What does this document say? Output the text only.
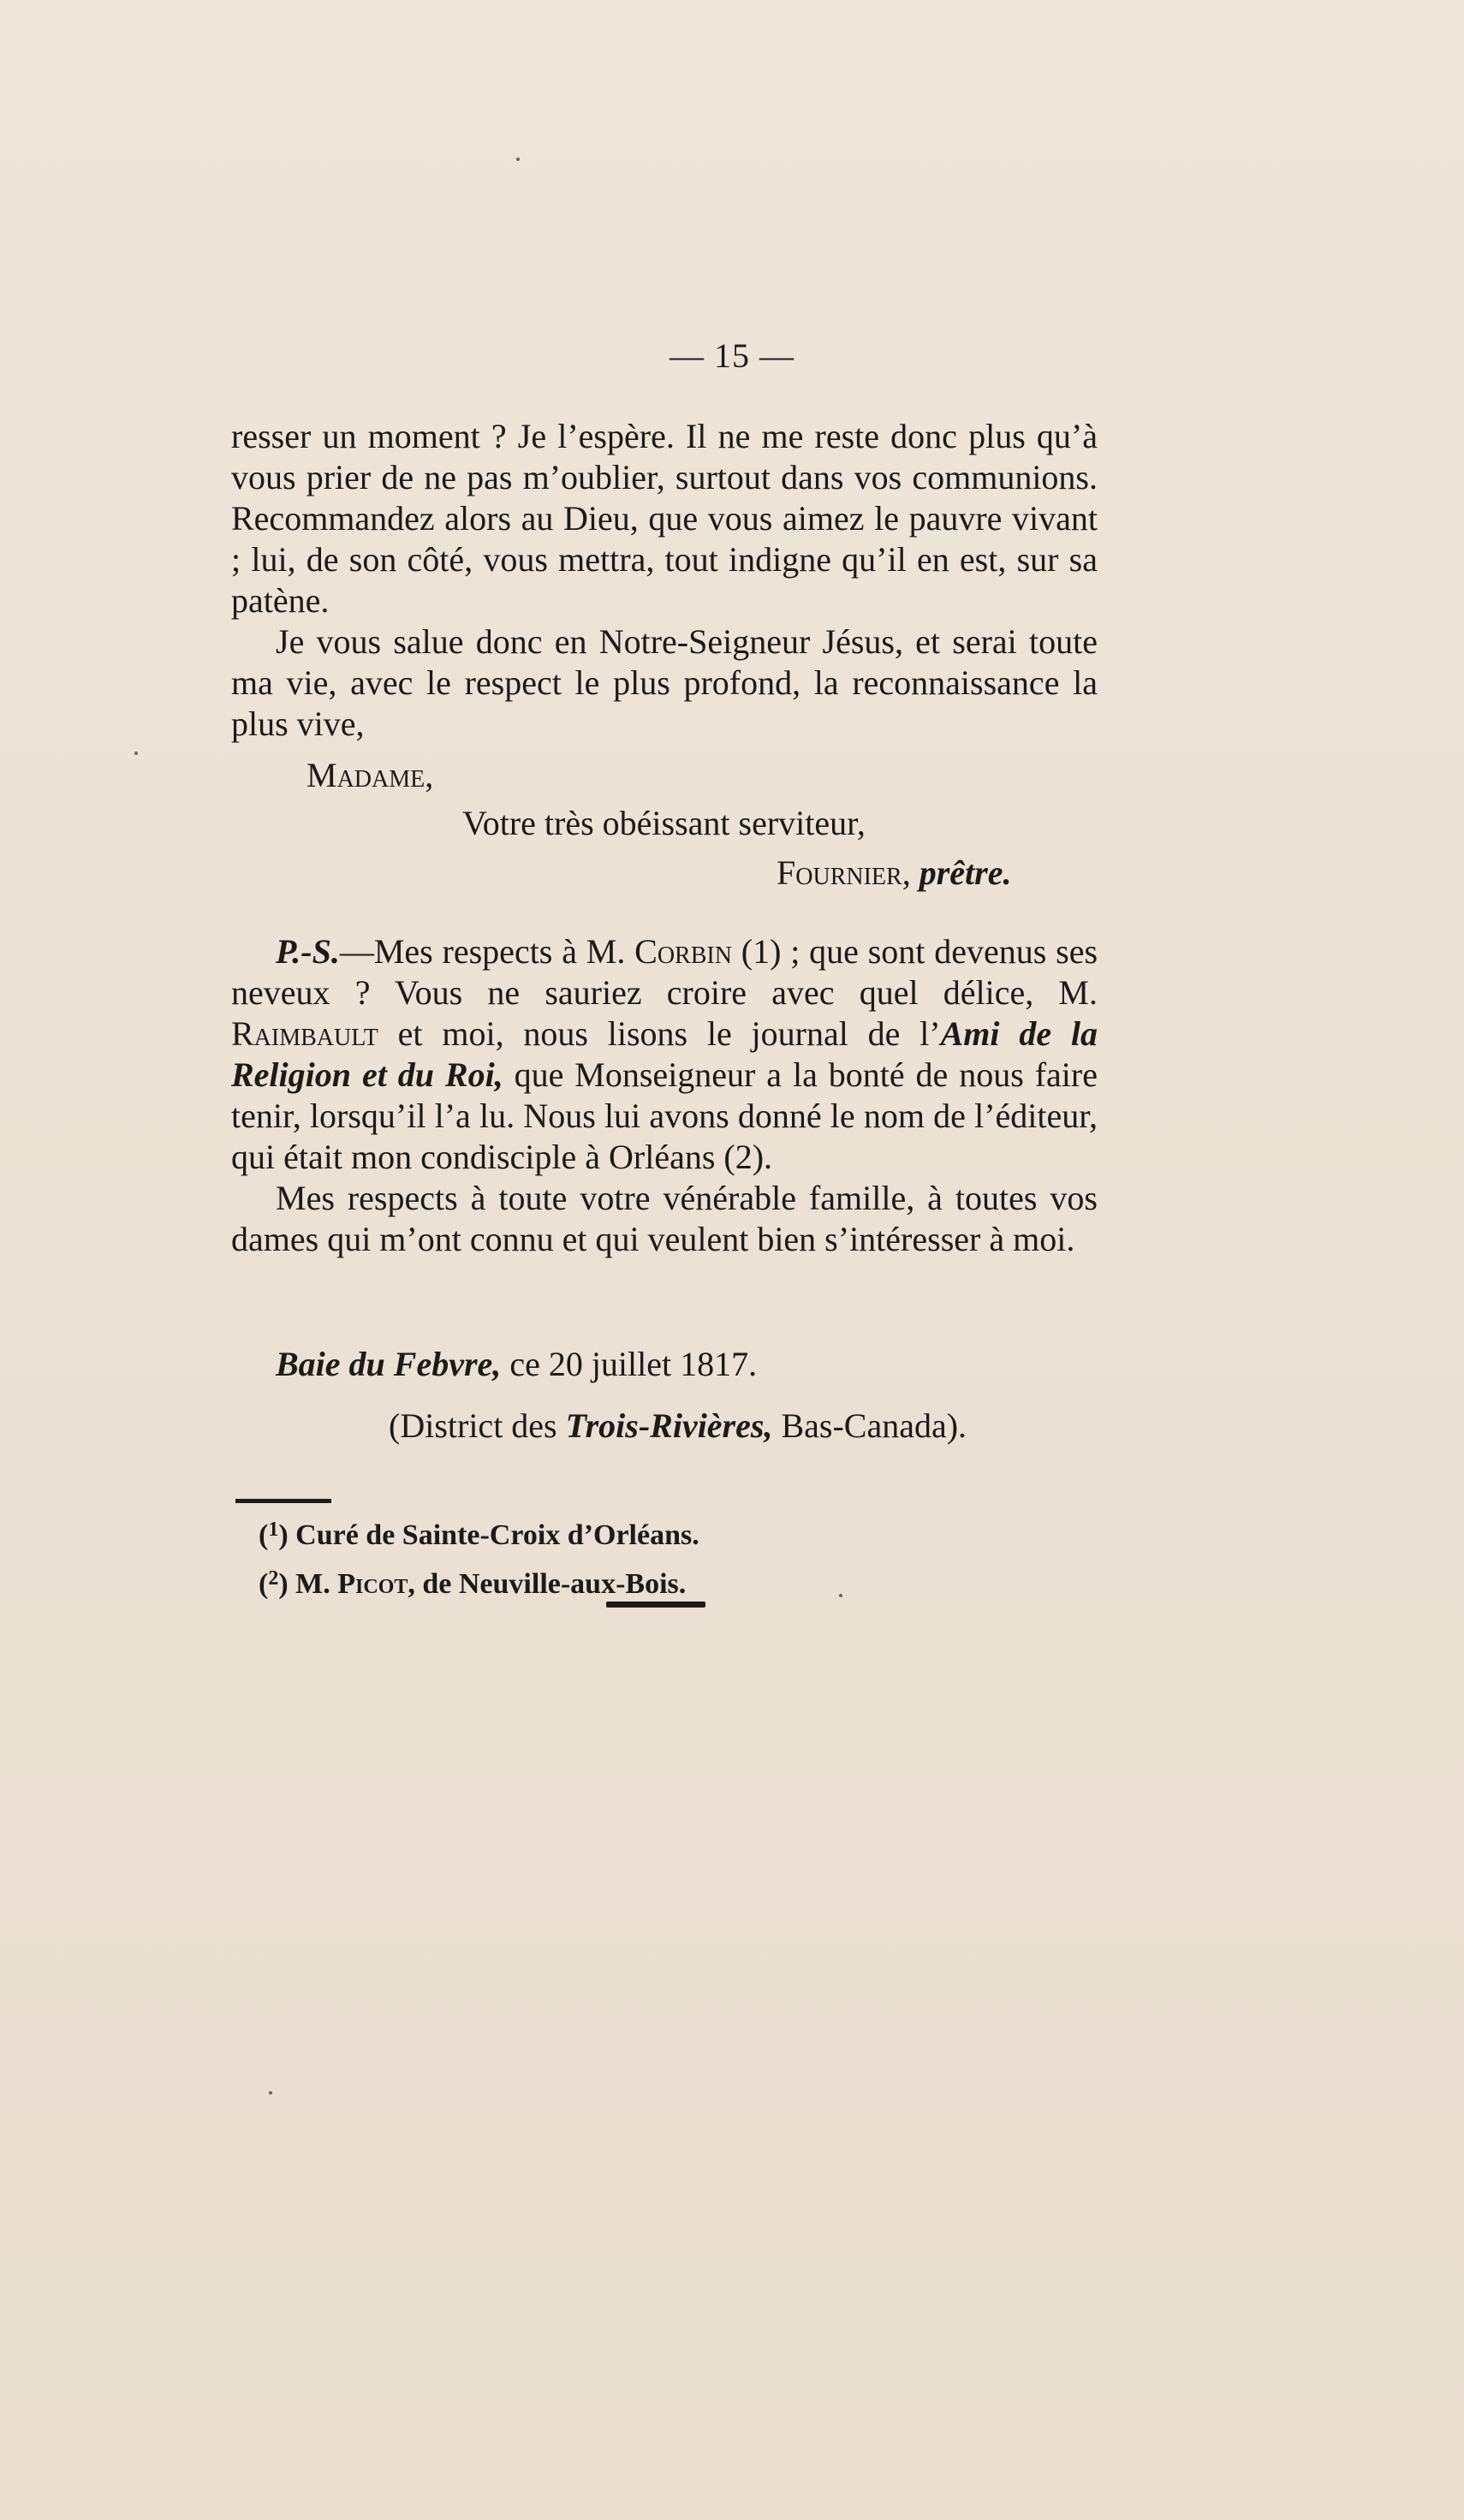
— 15 —

resser un moment ? Je l’espère. Il ne me reste donc plus qu’à vous prier de ne pas m’oublier, surtout dans vos communions. Recommandez alors au Dieu, que vous aimez le pauvre vivant ; lui, de son côté, vous mettra, tout indigne qu’il en est, sur sa patène.

Je vous salue donc en Notre-Seigneur Jésus, et serai toute ma vie, avec le respect le plus profond, la reconnaissance la plus vive,

Madame,
Votre très obéissant serviteur,
Fournier, prêtre.

P.-S.—Mes respects à M. Corbin (1) ; que sont devenus ses neveux ? Vous ne sauriez croire avec quel délice, M. Raimbault et moi, nous lisons le journal de l’Ami de la Religion et du Roi, que Monseigneur a la bonté de nous faire tenir, lorsqu’il l’a lu. Nous lui avons donné le nom de l’éditeur, qui était mon condisciple à Orléans (2).

Mes respects à toute votre vénérable famille, à toutes vos dames qui m’ont connu et qui veulent bien s’intéresser à moi.

Baie du Febvre, ce 20 juillet 1817.
(District des Trois-Rivières, Bas-Canada).
($^1$) Curé de Sainte-Croix d’Orléans.
($^2$) M. Picot, de Neuville-aux-Bois.
